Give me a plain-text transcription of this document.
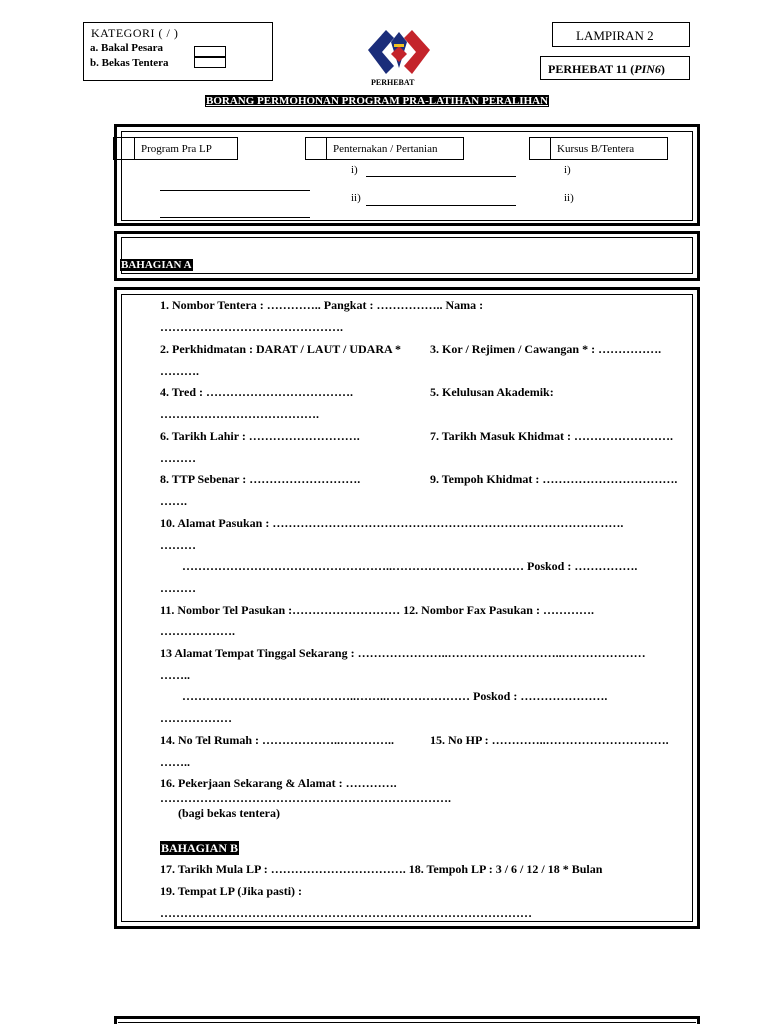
KATEGORI ( / )
a. Bakal Pesara
b. Bekas Tentera
PERHEBAT
LAMPIRAN 2
PERHEBAT 11 (PIN6)
BORANG PERMOHONAN PROGRAM PRA-LATIHAN PERALIHAN
Program Pra LP	Penternakan / Pertanian	Kursus B/Tentera
i)
ii)
i)
ii)
BAHAGIAN A
1. Nombor Tentera : ………….. Pangkat : …………….. Nama :
……………………………………….
2. Perkhidmatan : DARAT / LAUT / UDARA * 3. Kor / Rejimen / Cawangan * : …………….
……….
4. Tred : ……………………………….	5. Kelulusan Akademik:
………………………………….
6. Tarikh Lahir : ……………………….	7. Tarikh Masuk Khidmat : …………………….
………
8. TTP Sebenar : ……………………….	9. Tempoh Khidmat : …………………………….
…….
10. Alamat Pasukan : …………………………………………………………………………….
………
……………………………………………..…………………………… Poskod : …………….
………
11. Nombor Tel Pasukan :……………………… 12. Nombor Fax Pasukan : ………….
……………….
13 Alamat Tempat Tinggal Sekarang : …………………..………………………..…………………
……..
……………………………………..……..………………… Poskod : ………………….
………………
14. No Tel Rumah : ………………..…………..	15. No HP : …………..………………………….
……..
16. Pekerjaan Sekarang & Alamat : ………….
……………………………………………………………….
(bagi bekas tentera)
BAHAGIAN B
17. Tarikh Mula LP : ……………………………. 18. Tempoh LP : 3 / 6 / 12 / 18 * Bulan
19. Tempat LP (Jika pasti) :
…………………………………………………………………………………
